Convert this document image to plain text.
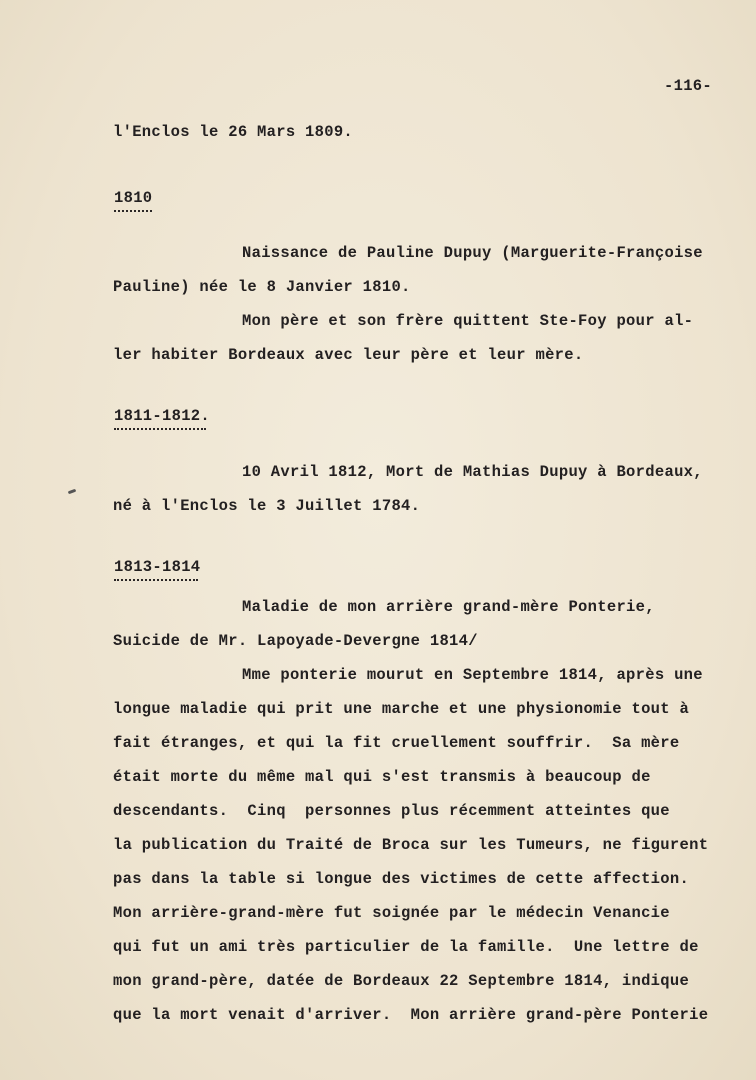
-116-
l'Enclos le 26 Mars 1809.
1810
Naissance de Pauline Dupuy (Marguerite-Françoise
Pauline) née le 8 Janvier 1810.
Mon père et son frère quittent Ste-Foy pour al-
ler habiter Bordeaux avec leur père et leur mère.
1811-1812.
10 Avril 1812, Mort de Mathias Dupuy à Bordeaux,
né à l'Enclos le 3 Juillet 1784.
1813-1814
Maladie de mon arrière grand-mère Ponterie,
Suicide de Mr. Lapoyade-Devergne 1814/
Mme ponterie mourut en Septembre 1814, après une
longue maladie qui prit une marche et une physionomie tout à
fait étranges, et qui la fit cruellement souffrir.  Sa mère
était morte du même mal qui s'est transmis à beaucoup de
descendants.  Cinq  personnes plus récemment atteintes que
la publication du Traité de Broca sur les Tumeurs, ne figurent
pas dans la table si longue des victimes de cette affection.
Mon arrière-grand-mère fut soignée par le médecin Venancie
qui fut un ami très particulier de la famille.  Une lettre de
mon grand-père, datée de Bordeaux 22 Septembre 1814, indique
que la mort venait d'arriver.  Mon arrière grand-père Ponterie
